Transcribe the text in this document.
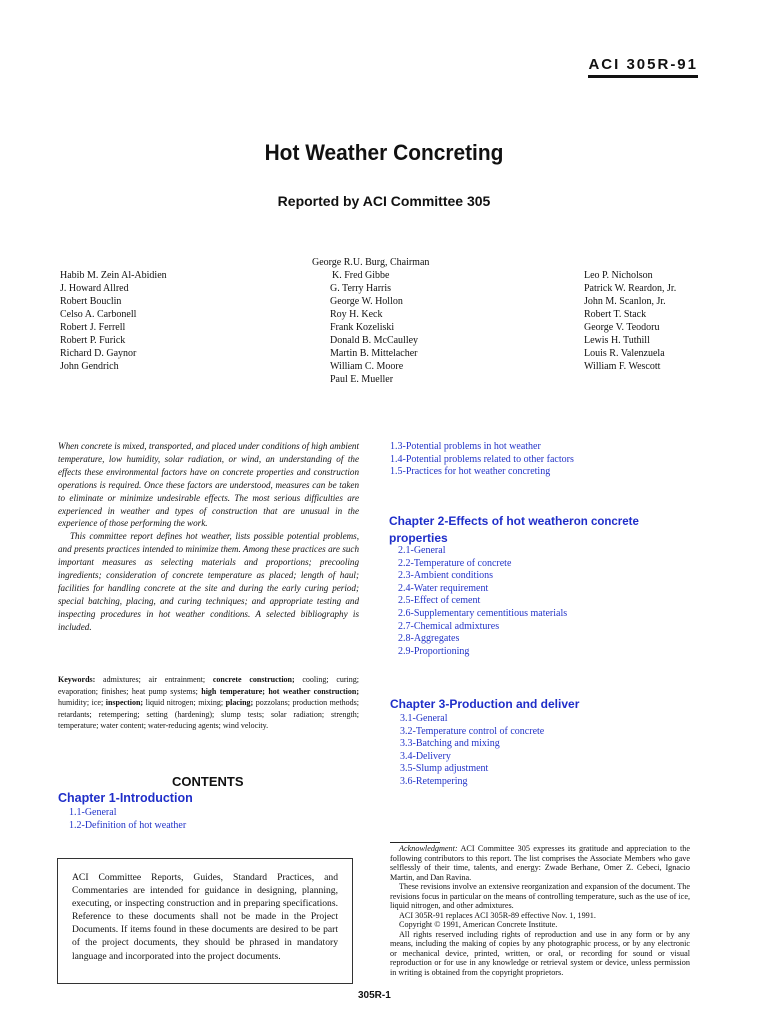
ACI 305R-91
Hot Weather Concreting
Reported by ACI Committee 305
Habib M. Zein Al-Abidien
J. Howard Allred
Robert Bouclin
Celso A. Carbonell
Robert J. Ferrell
Robert P. Furick
Richard D. Gaynor
John Gendrich
George R.U. Burg, Chairman
K. Fred Gibbe
G. Terry Harris
George W. Hollon
Roy H. Keck
Frank Kozeliski
Donald B. McCaulley
Martin B. Mittelacher
William C. Moore
Paul E. Mueller
Leo P. Nicholson
Patrick W. Reardon, Jr.
John M. Scanlon, Jr.
Robert T. Stack
George V. Teodoru
Lewis H. Tuthill
Louis R. Valenzuela
William F. Wescott

When concrete is mixed, transported, and placed under conditions of high ambient temperature, low humidity, solar radiation, or wind, an understanding of the effects these environmental factors have on concrete properties and construction operations is required. Once these factors are understood, measures can be taken to eliminate or minimize undesirable effects. The most serious difficulties are experienced in weather and types of construction that are unusual in the experience of those performing the work.

This committee report defines hot weather, lists possible potential problems, and presents practices intended to minimize them. Among these practices are such important measures as selecting materials and proportions; precooling ingredients; consideration of concrete temperature as placed; length of haul; facilities for handling concrete at the site and during the early curing period; special batching, placing, and curing techniques; and appropriate testing and inspecting procedures in hot weather conditions. A selected bibliography is included.

Keywords: admixtures; air entrainment; concrete construction; cooling; curing; evaporation; finishes; heat pump systems; high temperature; hot weather construction; humidity; ice; inspection; liquid nitrogen; mixing; placing; pozzolans; production methods; retardants; retempering; setting (hardening); slump tests; solar radiation; strength; temperature; water content; water-reducing agents; wind velocity.
CONTENTS
Chapter 1-Introduction
1.1-General
1.2-Definition of hot weather
ACI Committee Reports, Guides, Standard Practices, and Commentaries are intended for guidance in designing, planning, executing, or inspecting construction and in preparing specifications. Reference to these documents shall not be made in the Project Documents. If items found in these documents are desired to be part of the project documents, they should be phrased in mandatory language and incorporated into the project documents.
1.3-Potential problems in hot weather
1.4-Potential problems related to other factors
1.5-Practices for hot weather concreting
Chapter 2-Effects of hot weatheron concrete
properties
2.1-General
2.2-Temperature of concrete
2.3-Ambient conditions
2.4-Water requirement
2.5-Effect of cement
2.6-Supplementary cementitious materials
2.7-Chemical admixtures
2.8-Aggregates
2.9-Proportioning
Chapter 3-Production and deliver
3.1-General
3.2-Temperature control of concrete
3.3-Batching and mixing
3.4-Delivery
3.5-Slump adjustment
3.6-Retempering

Acknowledgment: ACI Committee 305 expresses its gratitude and appreciation to the following contributors to this report. The list comprises the Associate Members who gave selflessly of their time, talents, and energy: Zwade Berhane, Omer Z. Cebeci, Ignacio Martin, and Dan Ravina.

These revisions involve an extensive reorganization and expansion of the document. The revisions focus in particular on the means of controlling temperature, such as the use of ice, liquid nitrogen, and other admixtures.

ACI 305R-91 replaces ACI 305R-89 effective Nov. 1, 1991.

Copyright © 1991, American Concrete Institute.

All rights reserved including rights of reproduction and use in any form or by any means, including the making of copies by any photographic process, or by any electronic or mechanical device, printed, written, or oral, or recording for sound or visual reproduction or for use in any knowledge or retrieval system or device, unless permission in writing is obtained from the copyright proprietors.

305R-1
